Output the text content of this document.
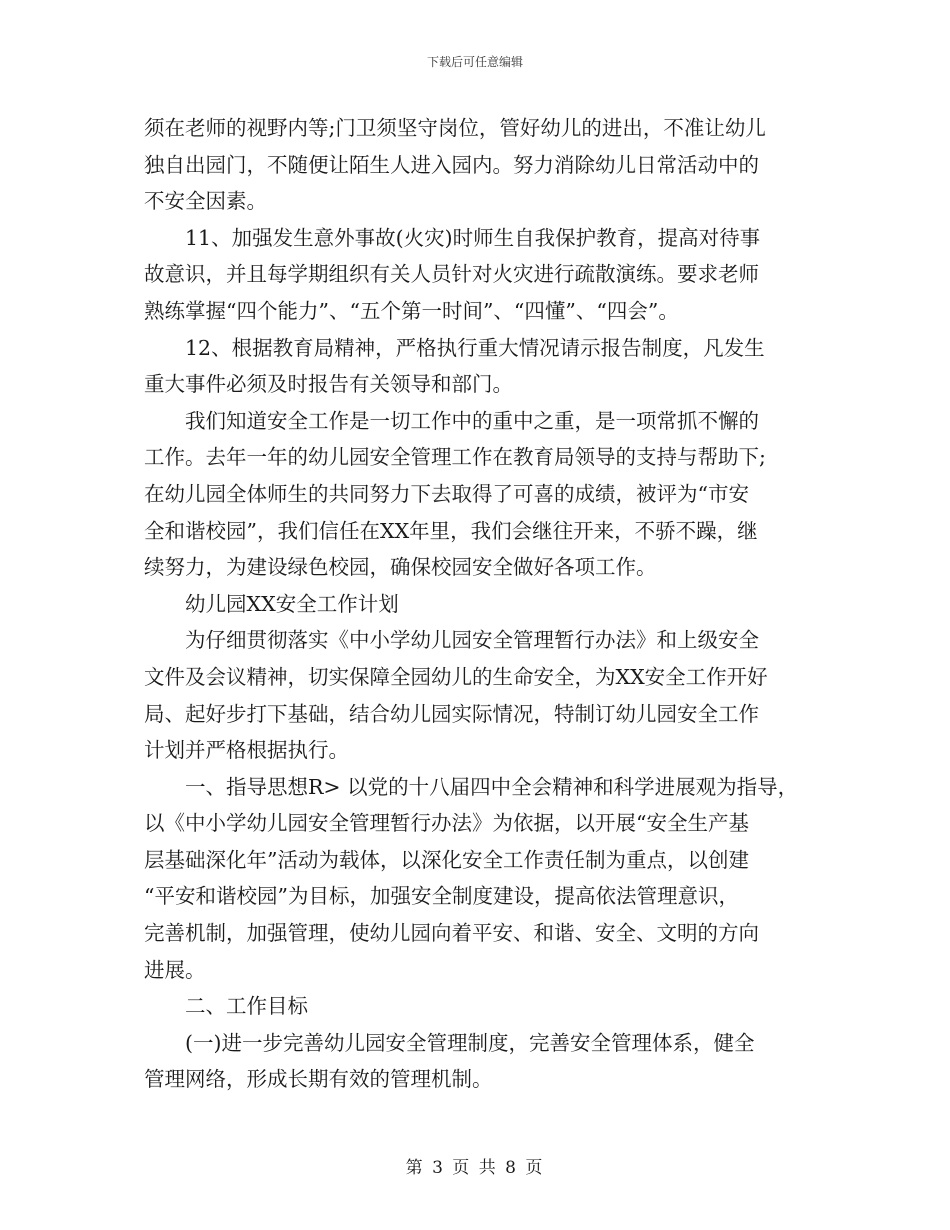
下载后可任意编辑
须在老师的视野内等;门卫须坚守岗位，管好幼儿的进出，不准让幼儿
独自出园门，不随便让陌生人进入园内。努力消除幼儿日常活动中的
不安全因素。
11、加强发生意外事故(火灾)时师生自我保护教育，提高对待事
故意识，并且每学期组织有关人员针对火灾进行疏散演练。要求老师
熟练掌握“四个能力”、“五个第一时间”、“四懂”、“四会”。
12、根据教育局精神，严格执行重大情况请示报告制度，凡发生
重大事件必须及时报告有关领导和部门。
我们知道安全工作是一切工作中的重中之重，是一项常抓不懈的
工作。去年一年的幼儿园安全管理工作在教育局领导的支持与帮助下;
在幼儿园全体师生的共同努力下去取得了可喜的成绩，被评为“市安
全和谐校园”，我们信任在XX年里，我们会继往开来，不骄不躁，继
续努力，为建设绿色校园，确保校园安全做好各项工作。
幼儿园XX安全工作计划
为仔细贯彻落实《中小学幼儿园安全管理暂行办法》和上级安全
文件及会议精神，切实保障全园幼儿的生命安全，为XX安全工作开好
局、起好步打下基础，结合幼儿园实际情况，特制订幼儿园安全工作
计划并严格根据执行。
一、指导思想R> 以党的十八届四中全会精神和科学进展观为指导，
以《中小学幼儿园安全管理暂行办法》为依据，以开展“安全生产基
层基础深化年”活动为载体，以深化安全工作责任制为重点，以创建
“平安和谐校园”为目标，加强安全制度建设，提高依法管理意识，
完善机制，加强管理，使幼儿园向着平安、和谐、安全、文明的方向
进展。
二、工作目标
(一)进一步完善幼儿园安全管理制度，完善安全管理体系，健全
管理网络，形成长期有效的管理机制。
第 3 页 共 8 页
